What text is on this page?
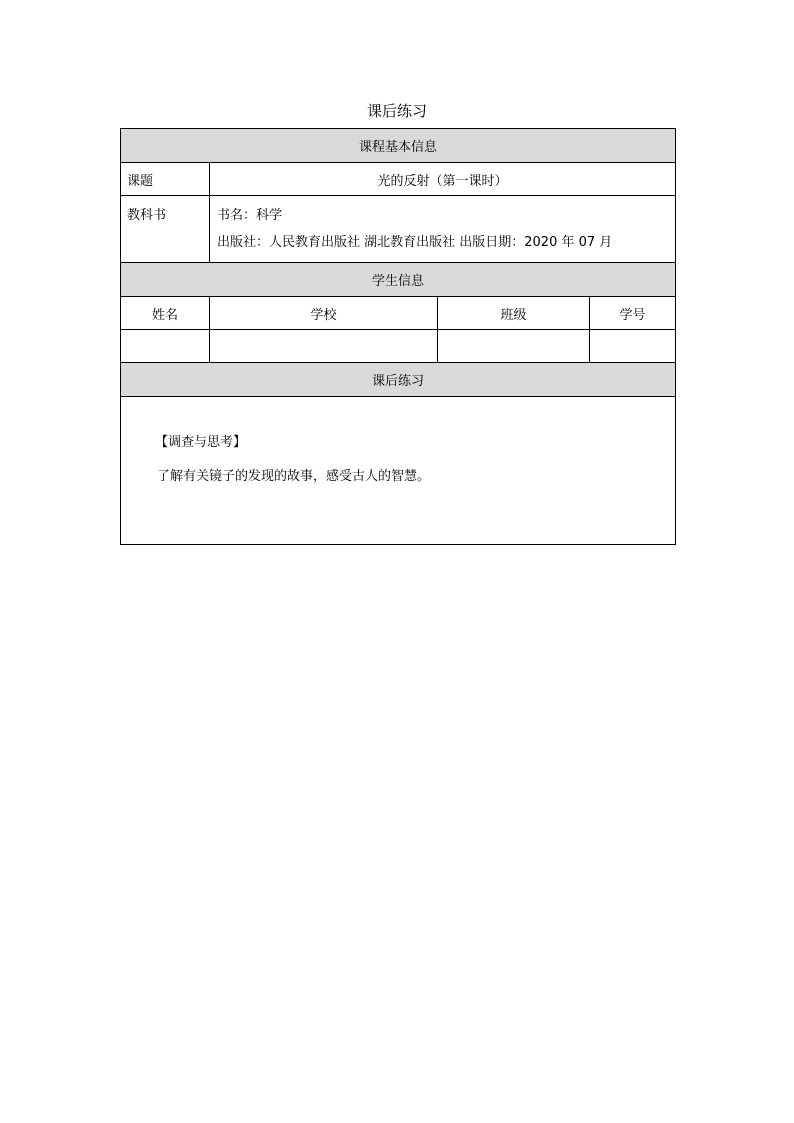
课后练习
课程基本信息			
课题	光的反射（第一课时）		
教科书	书名：科学
出版社：人民教育出版社 湖北教育出版社 出版日期：2020 年 07 月		

学生信息			
姓名	学校	班级	学号

课后练习			

【调查与思考】
了解有关镜子的发现的故事，感受古人的智慧。			
